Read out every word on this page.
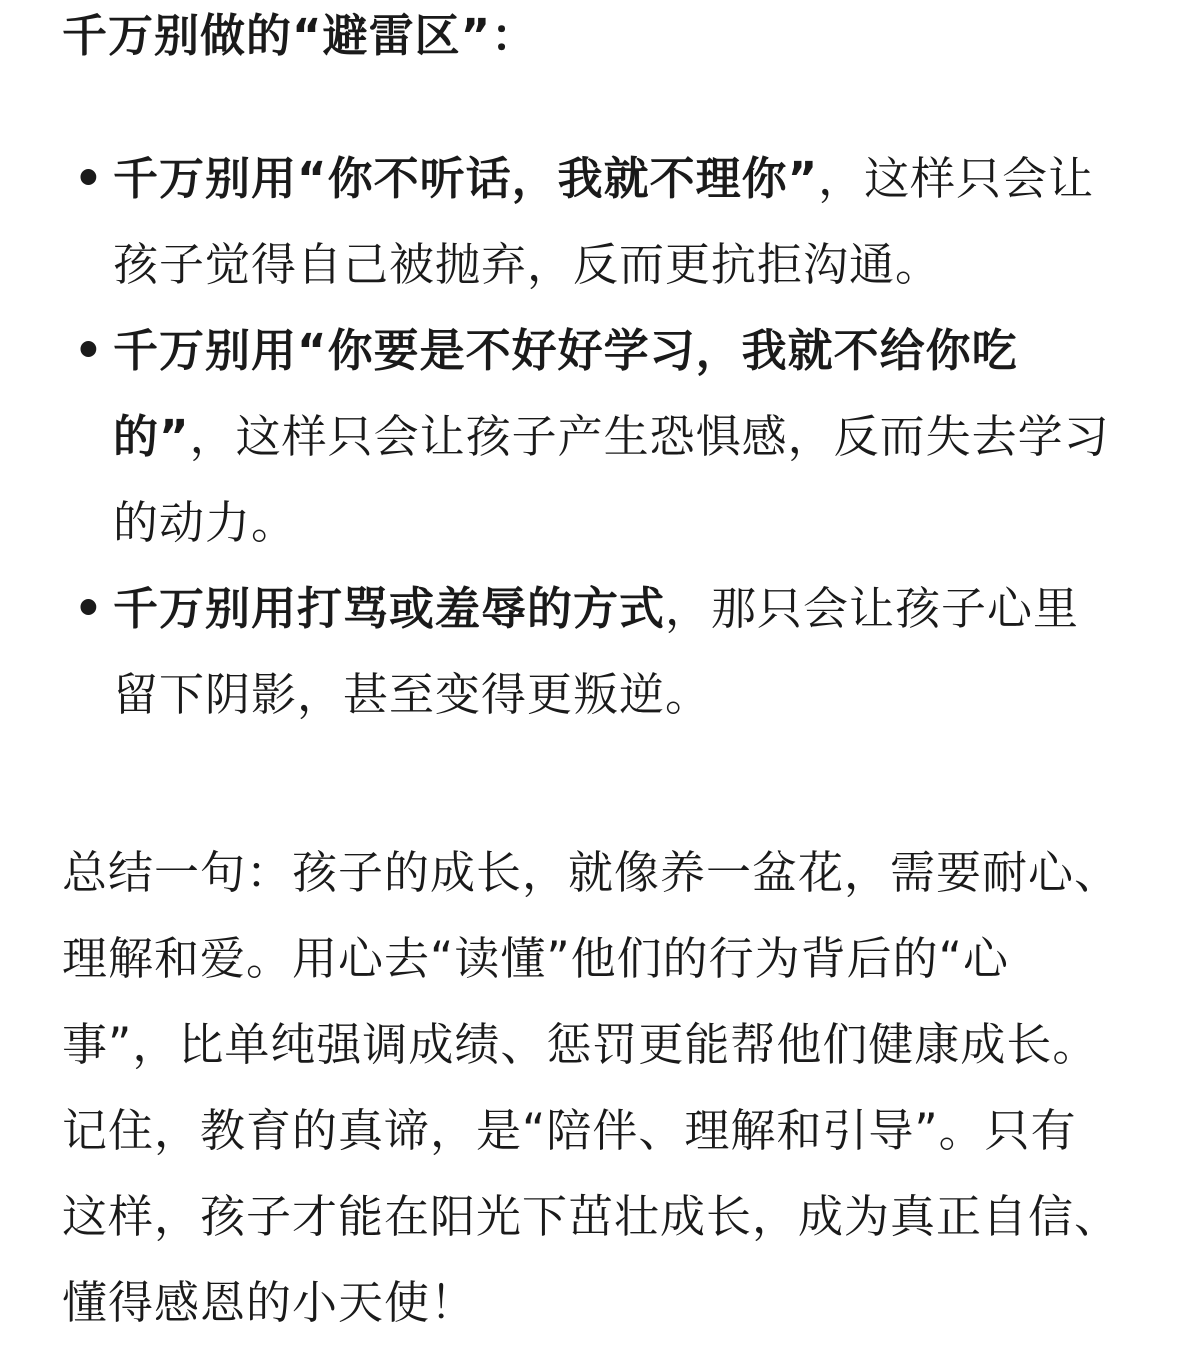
千万别做的“避雷区”：

• 千万别用“你不听话，我就不理你”，这样只会让孩子觉得自己被抛弃，反而更抗拒沟通。
• 千万别用“你要是不好好学习，我就不给你吃的”，这样只会让孩子产生恐惧感，反而失去学习的动力。
• 千万别用打骂或羞辱的方式，那只会让孩子心里留下阴影，甚至变得更叛逆。

总结一句：孩子的成长，就像养一盆花，需要耐心、理解和爱。用心去“读懂”他们的行为背后的“心事”，比单纯强调成绩、惩罚更能帮他们健康成长。记住，教育的真谛，是“陪伴、理解和引导”。只有这样，孩子才能在阳光下茁壮成长，成为真正自信、懂得感恩的小天使！
